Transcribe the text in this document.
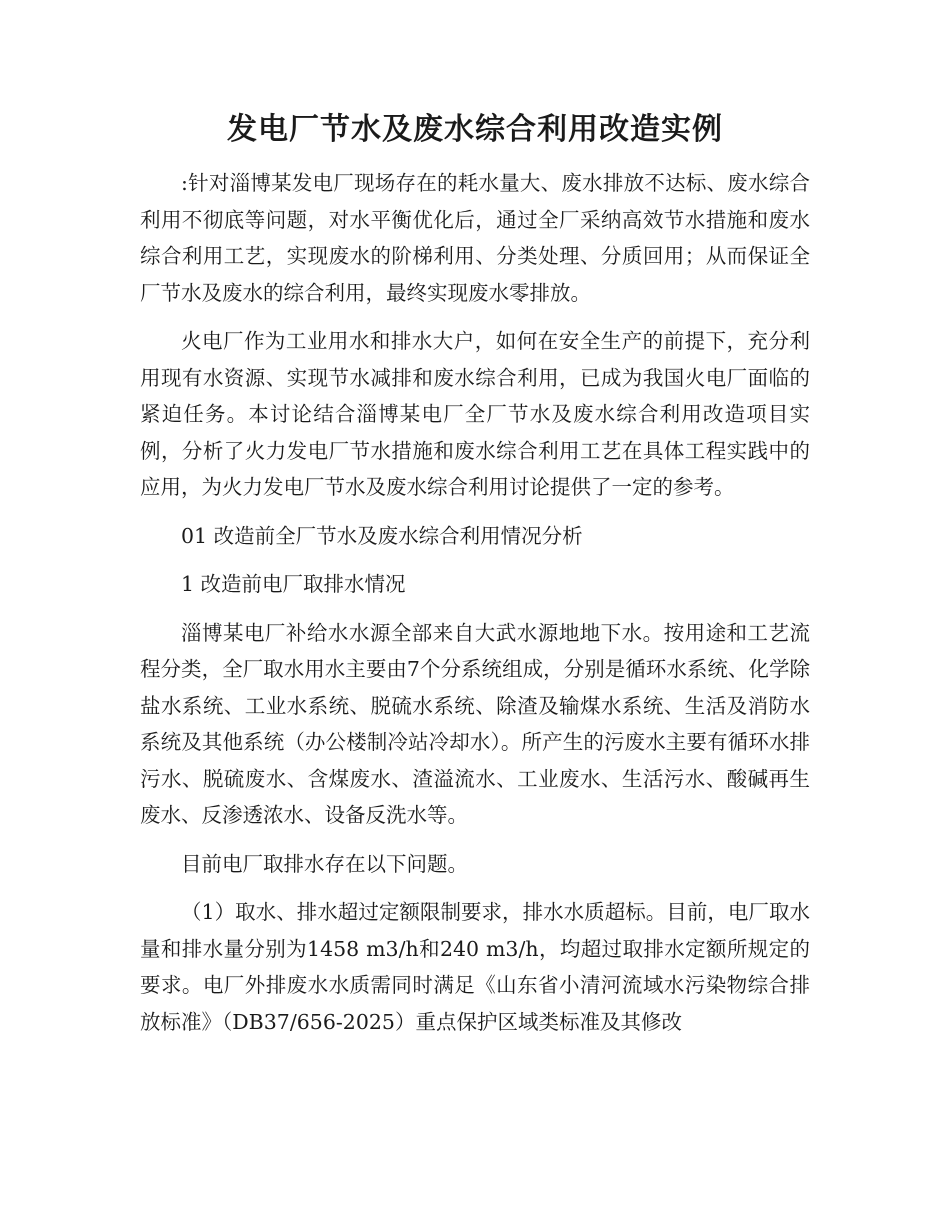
发电厂节水及废水综合利用改造实例

:针对淄博某发电厂现场存在的耗水量大、废水排放不达标、废水综合利用不彻底等问题，对水平衡优化后，通过全厂采纳高效节水措施和废水综合利用工艺，实现废水的阶梯利用、分类处理、分质回用；从而保证全厂节水及废水的综合利用，最终实现废水零排放。

火电厂作为工业用水和排水大户，如何在安全生产的前提下，充分利用现有水资源、实现节水减排和废水综合利用，已成为我国火电厂面临的紧迫任务。本讨论结合淄博某电厂全厂节水及废水综合利用改造项目实例，分析了火力发电厂节水措施和废水综合利用工艺在具体工程实践中的应用，为火力发电厂节水及废水综合利用讨论提供了一定的参考。

01 改造前全厂节水及废水综合利用情况分析

1 改造前电厂取排水情况

淄博某电厂补给水水源全部来自大武水源地地下水。按用途和工艺流程分类，全厂取水用水主要由7个分系统组成，分别是循环水系统、化学除盐水系统、工业水系统、脱硫水系统、除渣及输煤水系统、生活及消防水系统及其他系统（办公楼制冷站冷却水）。所产生的污废水主要有循环水排污水、脱硫废水、含煤废水、渣溢流水、工业废水、生活污水、酸碱再生废水、反渗透浓水、设备反洗水等。

目前电厂取排水存在以下问题。

（1）取水、排水超过定额限制要求，排水水质超标。目前，电厂取水量和排水量分别为1458 m3/h和240 m3/h，均超过取排水定额所规定的要求。电厂外排废水水质需同时满足《山东省小清河流域水污染物综合排放标准》（DB37/656-2025）重点保护区域类标准及其修改
